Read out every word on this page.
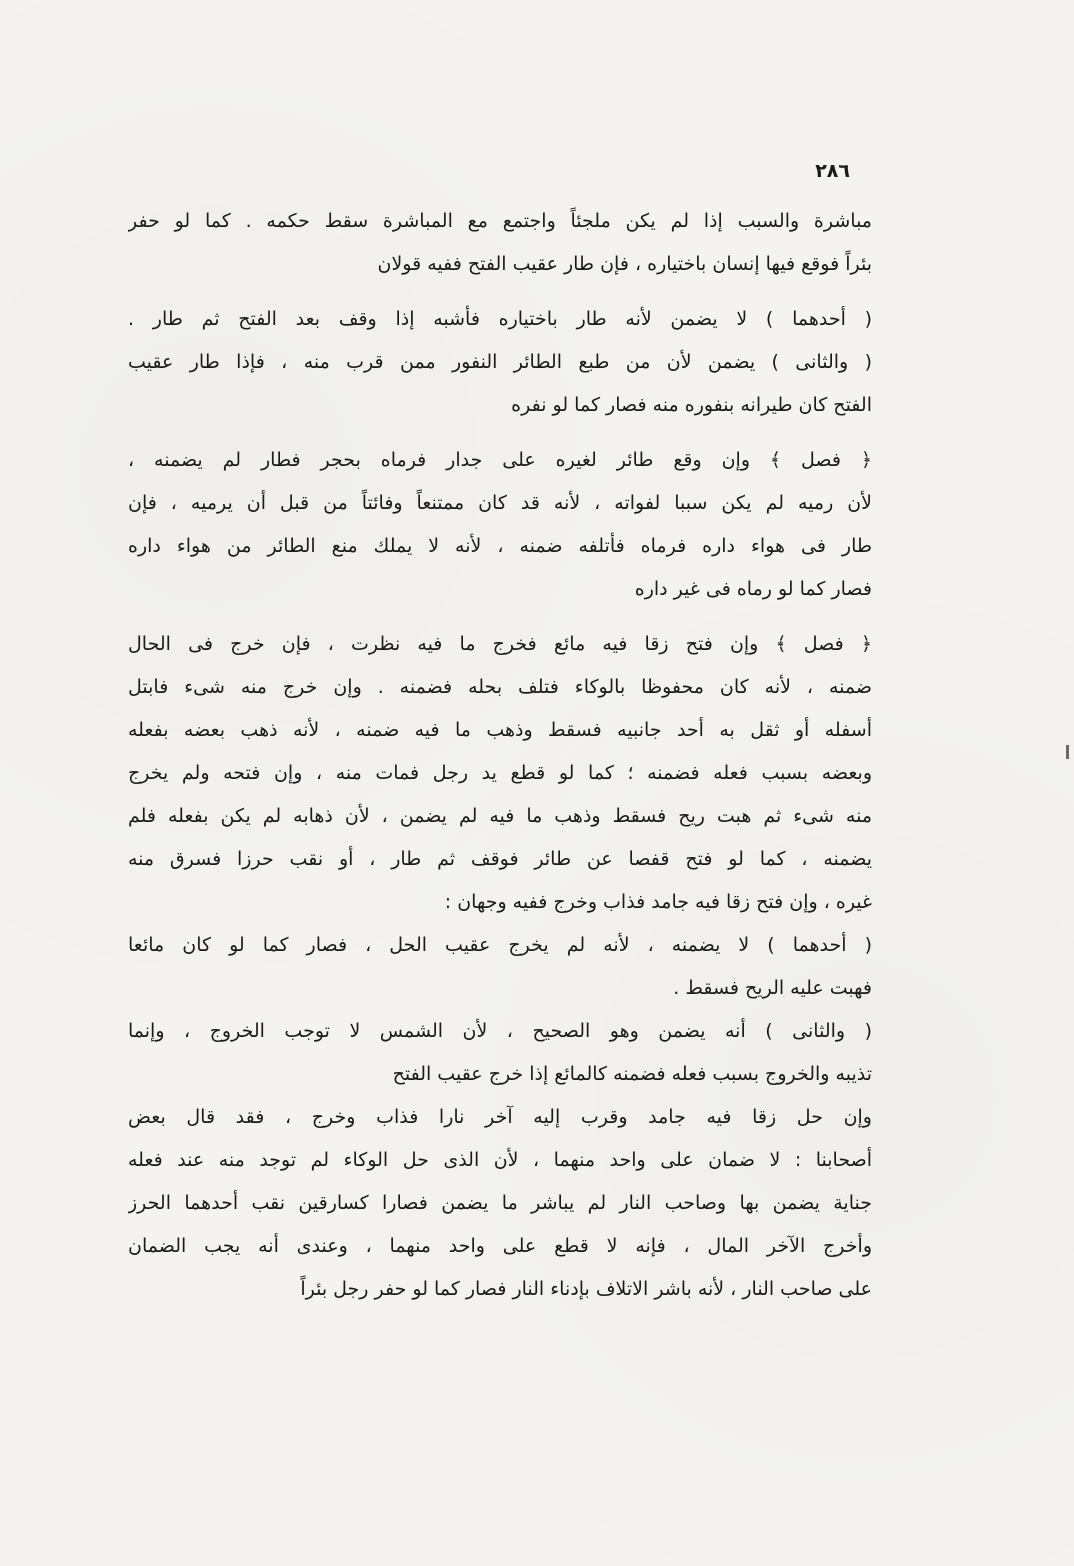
٢٨٦
مباشرة والسبب إذا لم يكن ملجئاً واجتمع مع المباشرة سقط حكمه . كما لو حفر
بئراً فوقع فيها إنسان باختياره ، فإن طار عقيب الفتح ففيه قولان
( أحدهما ) لا يضمن لأنه طار باختياره فأشبه إذا وقف بعد الفتح ثم طار .
( والثانى ) يضمن لأن من طبع الطائر النفور ممن قرب منه ، فإذا طار عقيب
الفتح كان طيرانه بنفوره منه فصار كما لو نفره
﴿ فصل ﴾ وإن وقع طائر لغيره على جدار فرماه بحجر فطار لم يضمنه ،
لأن رميه لم يكن سببا لفواته ، لأنه قد كان ممتنعاً وفائتاً من قبل أن يرميه ، فإن
طار فى هواء داره فرماه فأتلفه ضمنه ، لأنه لا يملك منع الطائر من هواء داره
فصار كما لو رماه فى غير داره
﴿ فصل ﴾ وإن فتح زقا فيه مائع فخرج ما فيه نظرت ، فإن خرج فى الحال
ضمنه ، لأنه كان محفوظا بالوكاء فتلف بحله فضمنه . وإن خرج منه شىء فابتل
أسفله أو ثقل به أحد جانبيه فسقط وذهب ما فيه ضمنه ، لأنه ذهب بعضه بفعله
وبعضه بسبب فعله فضمنه ؛ كما لو قطع يد رجل فمات منه ، وإن فتحه ولم يخرج
منه شىء ثم هبت ريح فسقط وذهب ما فيه لم يضمن ، لأن ذهابه لم يكن بفعله فلم
يضمنه ، كما لو فتح قفصا عن طائر فوقف ثم طار ، أو نقب حرزا فسرق منه
غيره ، وإن فتح زقا فيه جامد فذاب وخرج ففيه وجهان :
( أحدهما ) لا يضمنه ، لأنه لم يخرج عقيب الحل ، فصار كما لو كان مائعا
فهبت عليه الريح فسقط .
( والثانى ) أنه يضمن وهو الصحيح ، لأن الشمس لا توجب الخروج ، وإنما
تذيبه والخروج بسبب فعله فضمنه كالمائع إذا خرج عقيب الفتح
وإن حل زقا فيه جامد وقرب إليه آخر نارا فذاب وخرج ، فقد قال بعض
أصحابنا : لا ضمان على واحد منهما ، لأن الذى حل الوكاء لم توجد منه عند فعله
جناية يضمن بها وصاحب النار لم يباشر ما يضمن فصارا كسارقين نقب أحدهما الحرز
وأخرج الآخر المال ، فإنه لا قطع على واحد منهما ، وعندى أنه يجب الضمان
على صاحب النار ، لأنه باشر الاتلاف بإدناء النار فصار كما لو حفر رجل بئراً
